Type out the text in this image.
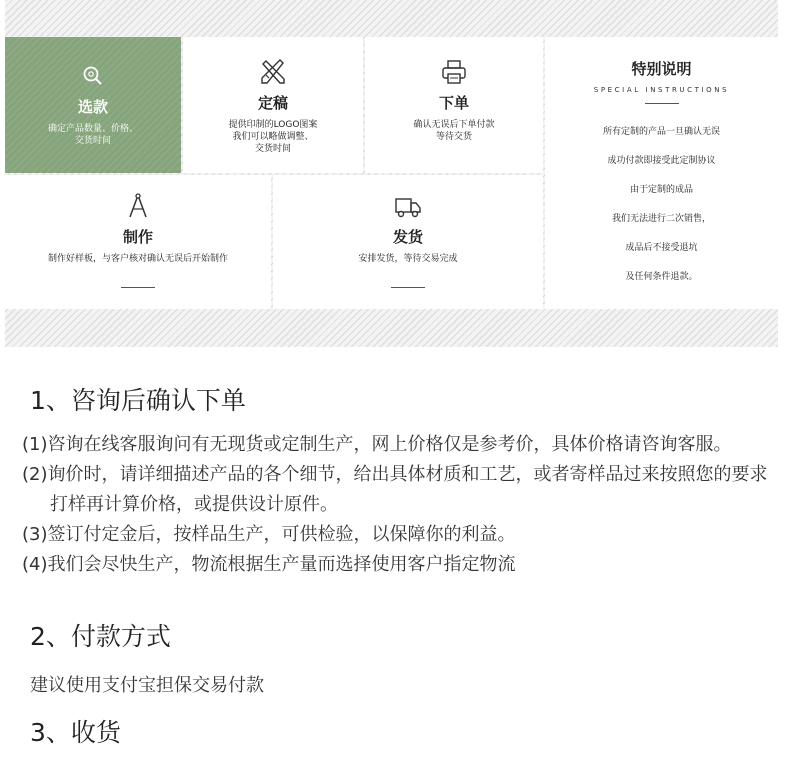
选款
确定产品数量、价格、
交货时间
定稿
提供印制的LOGO图案
我们可以略做调整、
交货时间
下单
确认无误后下单付款
等待交货
制作
制作好样板，与客户核对确认无误后开始制作
发货
安排发货，等待交易完成
特别说明
SPECIAL INSTRUCTIONS
所有定制的产品一旦确认无误
成功付款即接受此定制协议
由于定制的成品
我们无法进行二次销售，
成品后不接受退坑
及任何条件退款。
1、咨询后确认下单
(1)咨询在线客服询问有无现货或定制生产，网上价格仅是参考价，具体价格请咨询客服。
(2)询价时，请详细描述产品的各个细节，给出具体材质和工艺，或者寄样品过来按照您的要求打样再计算价格，或提供设计原件。
(3)签订付定金后，按样品生产，可供检验，以保障你的利益。
(4)我们会尽快生产，物流根据生产量而选择使用客户指定物流
2、付款方式
建议使用支付宝担保交易付款
3、收货
